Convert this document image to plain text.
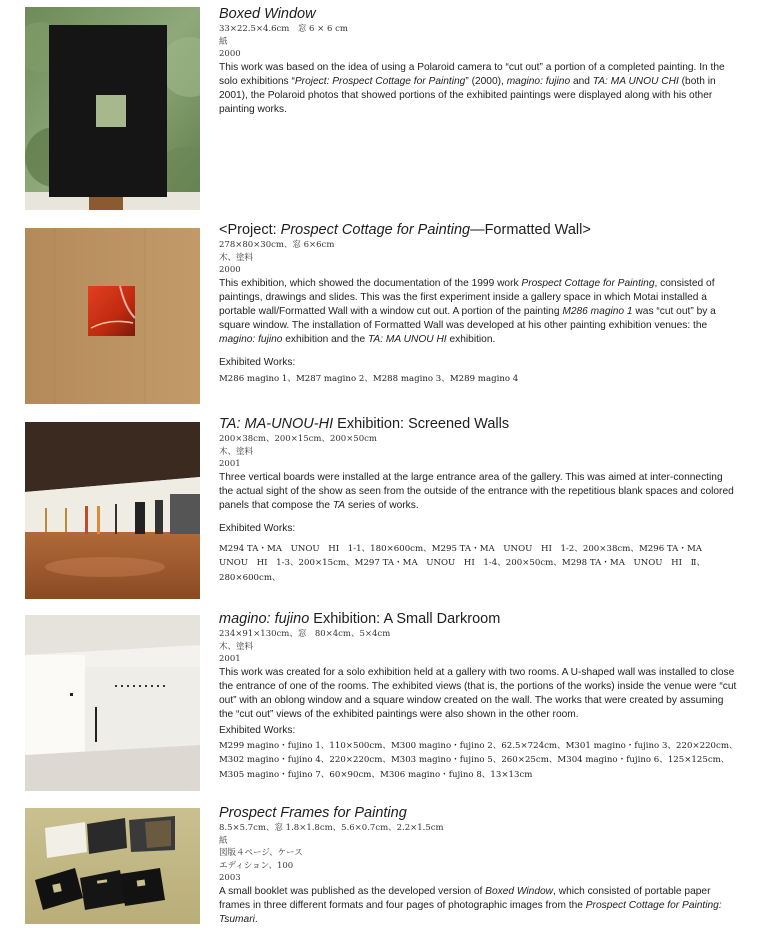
Boxed Window

33×22.5×4.6cm　窓 6 × 6 cm

紙

2000

This work was based on the idea of using a Polaroid camera to “cut out” a portion of a completed painting. In the solo exhibitions “Project: Prospect Cottage for Painting” (2000), magino: fujino and TA: MA UNOU CHI (both in 2001), the Polaroid photos that showed portions of the exhibited paintings were displayed along with his other painting works.

<Project: Prospect Cottage for Painting—Formatted Wall>

278×80×30cm、窓 6×6cm

木、塗料

2000

This exhibition, which showed the documentation of the 1999 work Prospect Cottage for Painting, consisted of paintings, drawings and slides. This was the first experiment inside a gallery space in which Motai installed a portable wall/Formatted Wall with a window cut out. A portion of the painting M286 magino 1 was “cut out” by a square window. The installation of Formatted Wall was developed at his other painting exhibition venues: the magino: fujino exhibition and the TA: MA UNOU HI exhibition.

Exhibited Works:

M286 magino 1、M287 magino 2、M288 magino 3、M289 magino 4

TA: MA-UNOU-HI Exhibition: Screened Walls

200×38cm、200×15cm、200×50cm

木、塗料

2001

Three vertical boards were installed at the large entrance area of the gallery. This was aimed at inter-connecting the actual sight of the show as seen from the outside of the entrance with the repetitious blank spaces and colored panels that compose the TA series of works.

Exhibited Works:

M294 TA・MA　UNOU　HI　1-1、180×600cm、M295 TA・MA　UNOU　HI　1-2、200×38cm、M296 TA・MA　UNOU　HI　1-3、200×15cm、M297 TA・MA　UNOU　HI　1-4、200×50cm、M298 TA・MA　UNOU　HI　Ⅱ、280×600cm、

magino: fujino Exhibition: A Small Darkroom

234×91×130cm、窓　80×4cm、5×4cm

木、塗料

2001

This work was created for a solo exhibition held at a gallery with two rooms. A U-shaped wall was installed to close the entrance of one of the rooms. The exhibited views (that is, the portions of the works) inside the venue were “cut out” with an oblong window and a square window created on the wall. The works that were created by assuming the “cut out” views of the exhibited paintings were also shown in the other room.

Exhibited Works:

M299 magino・fujino 1、110×500cm、M300 magino・fujino 2、62.5×724cm、M301 magino・fujino 3、220×220cm、M302 magino・fujino 4、220×220cm、M303 magino・fujino 5、260×25cm、M304 magino・fujino 6、125×125cm、M305 magino・fujino 7、60×90cm、M306 magino・fujino 8、13×13cm

Prospect Frames for Painting

8.5×5.7cm、窓 1.8×1.8cm、5.6×0.7cm、2.2×1.5cm

紙

図版４ページ、ケース

エディション、100

2003

A small booklet was published as the developed version of Boxed Window, which consisted of portable paper frames in three different formats and four pages of photographic images from the Prospect Cottage for Painting: Tsumari.
